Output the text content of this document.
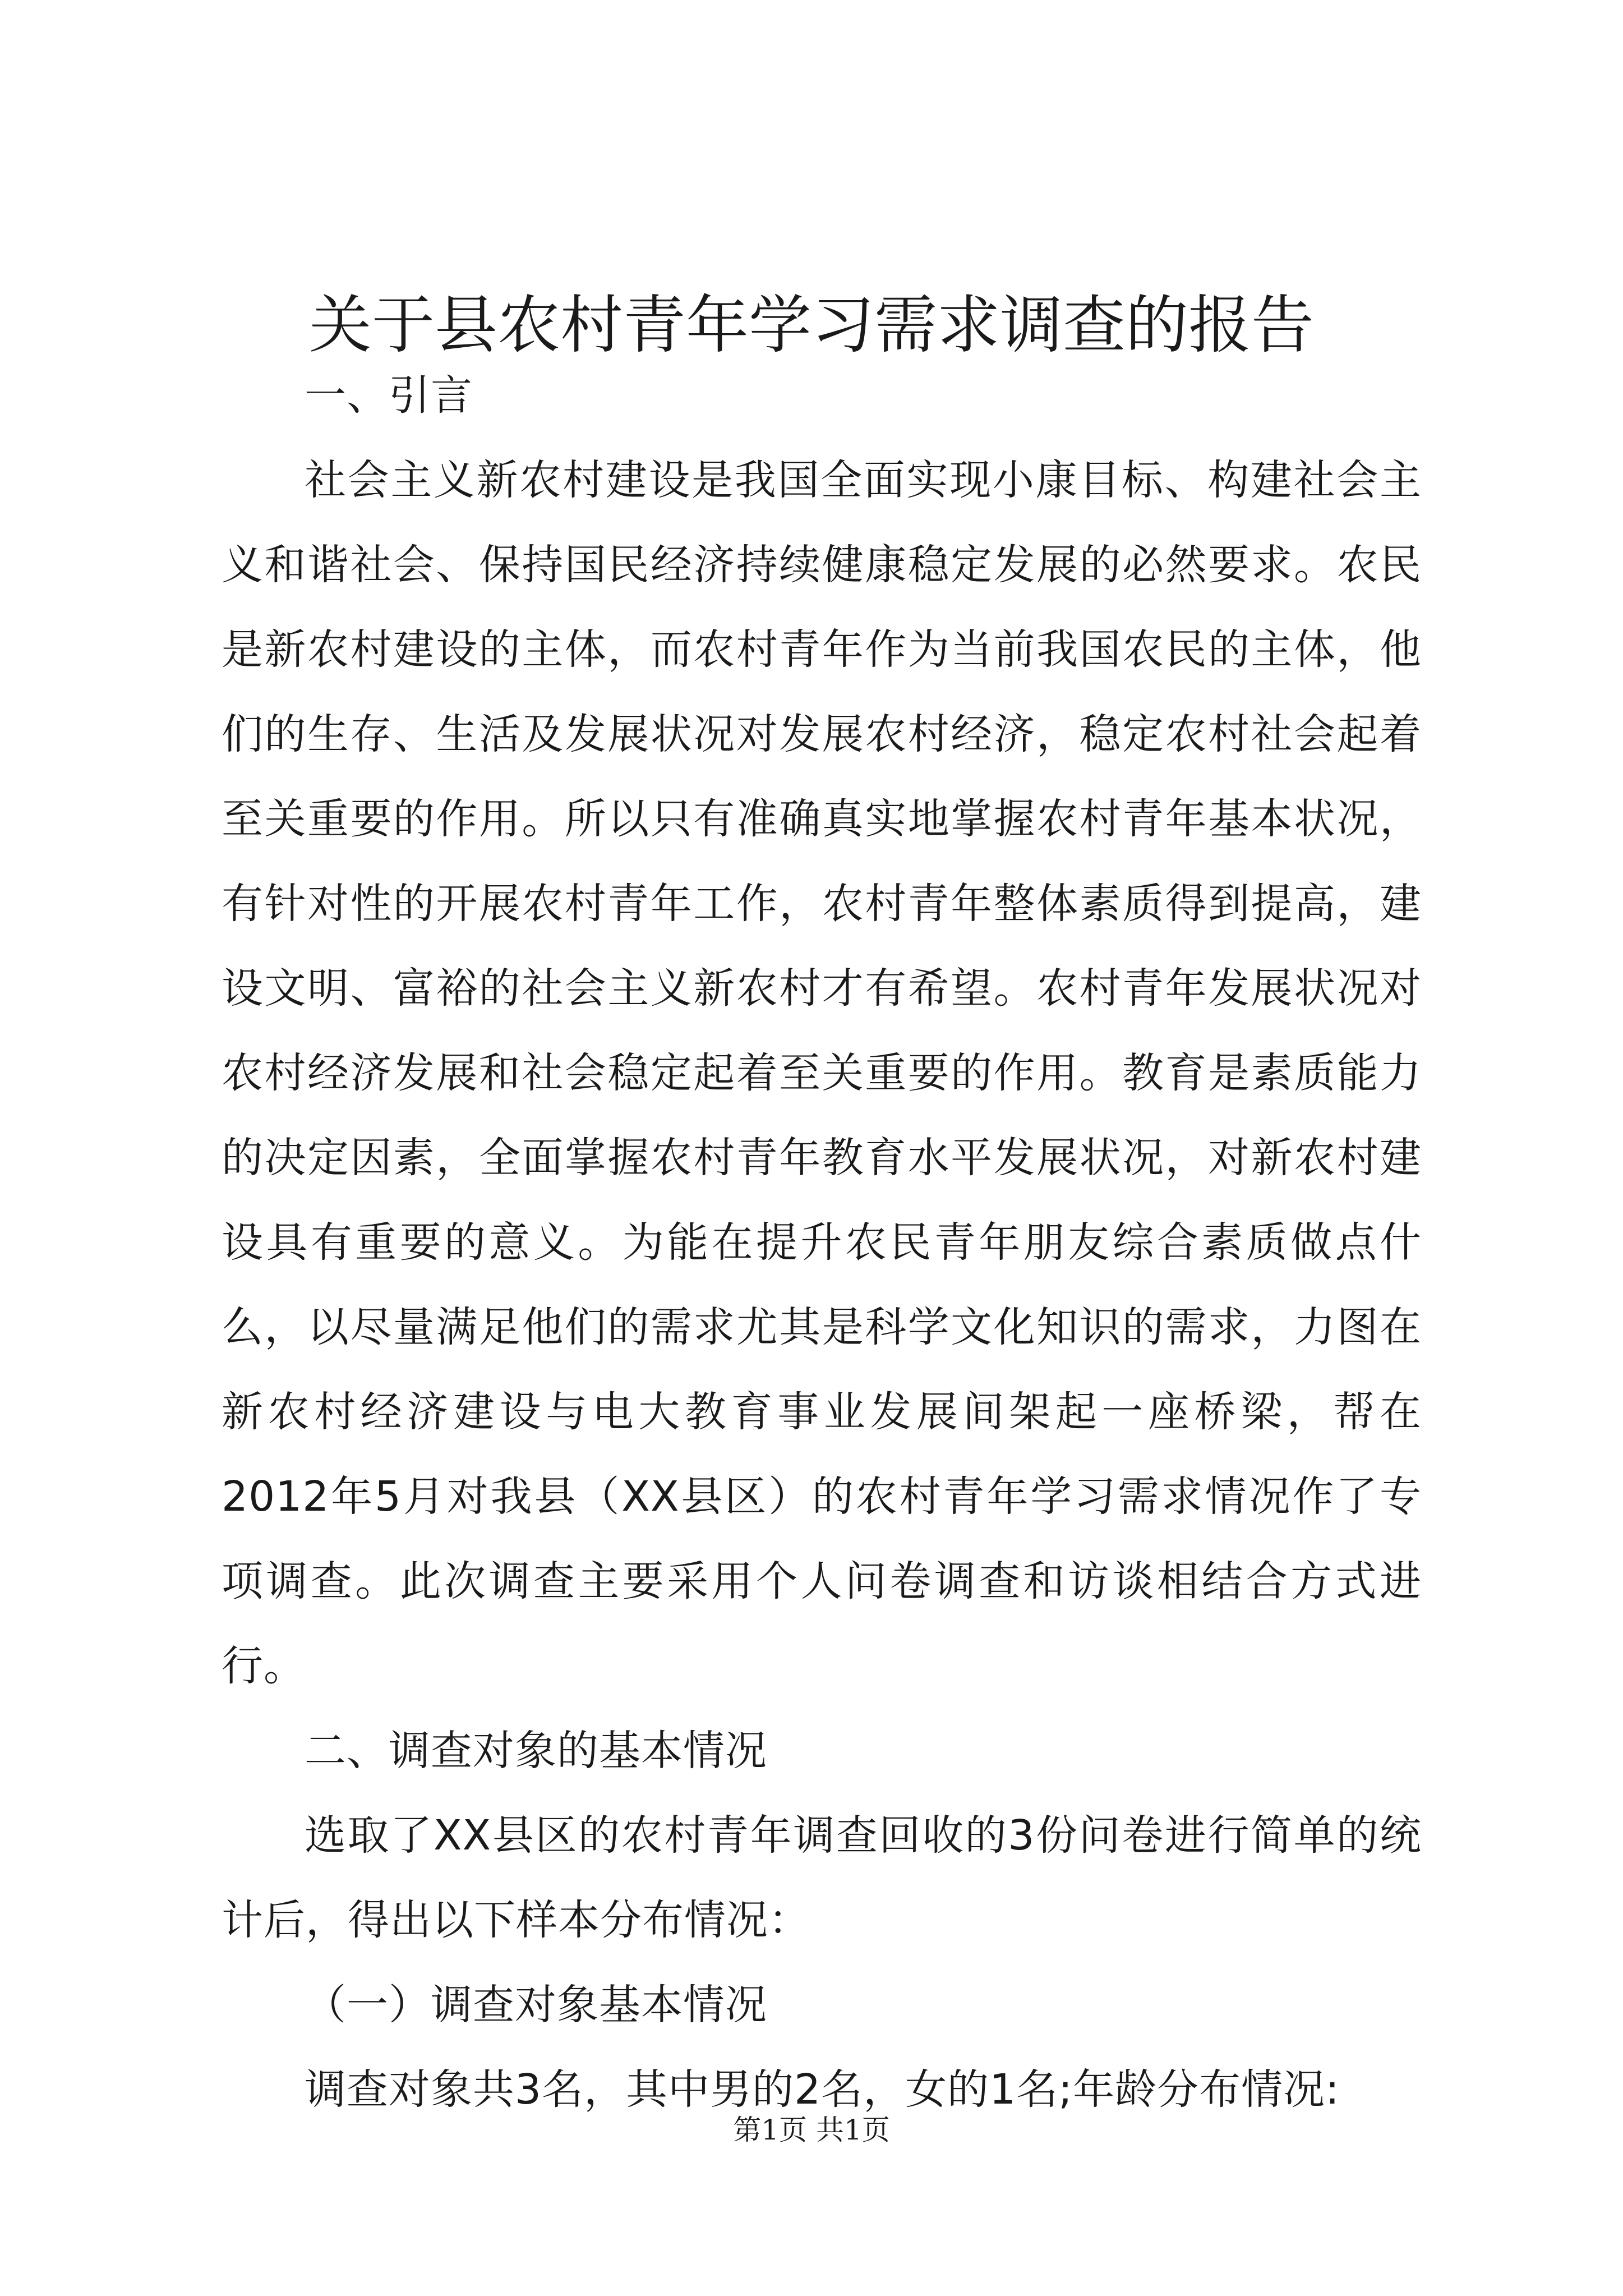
关于县农村青年学习需求调查的报告

一、引言

社会主义新农村建设是我国全面实现小康目标、构建社会主义和谐社会、保持国民经济持续健康稳定发展的必然要求。农民是新农村建设的主体，而农村青年作为当前我国农民的主体，他们的生存、生活及发展状况对发展农村经济，稳定农村社会起着至关重要的作用。所以只有准确真实地掌握农村青年基本状况，有针对性的开展农村青年工作，农村青年整体素质得到提高，建设文明、富裕的社会主义新农村才有希望。农村青年发展状况对农村经济发展和社会稳定起着至关重要的作用。教育是素质能力的决定因素，全面掌握农村青年教育水平发展状况，对新农村建设具有重要的意义。为能在提升农民青年朋友综合素质做点什么，以尽量满足他们的需求尤其是科学文化知识的需求，力图在新农村经济建设与电大教育事业发展间架起一座桥梁，帮在2012年5月对我县（XX县区）的农村青年学习需求情况作了专项调查。此次调查主要采用个人问卷调查和访谈相结合方式进行。

二、调查对象的基本情况

选取了XX县区的农村青年调查回收的3份问卷进行简单的统计后，得出以下样本分布情况：

（一）调查对象基本情况

调查对象共3名，其中男的2名，女的1名;年龄分布情况:

第1页 共1页
